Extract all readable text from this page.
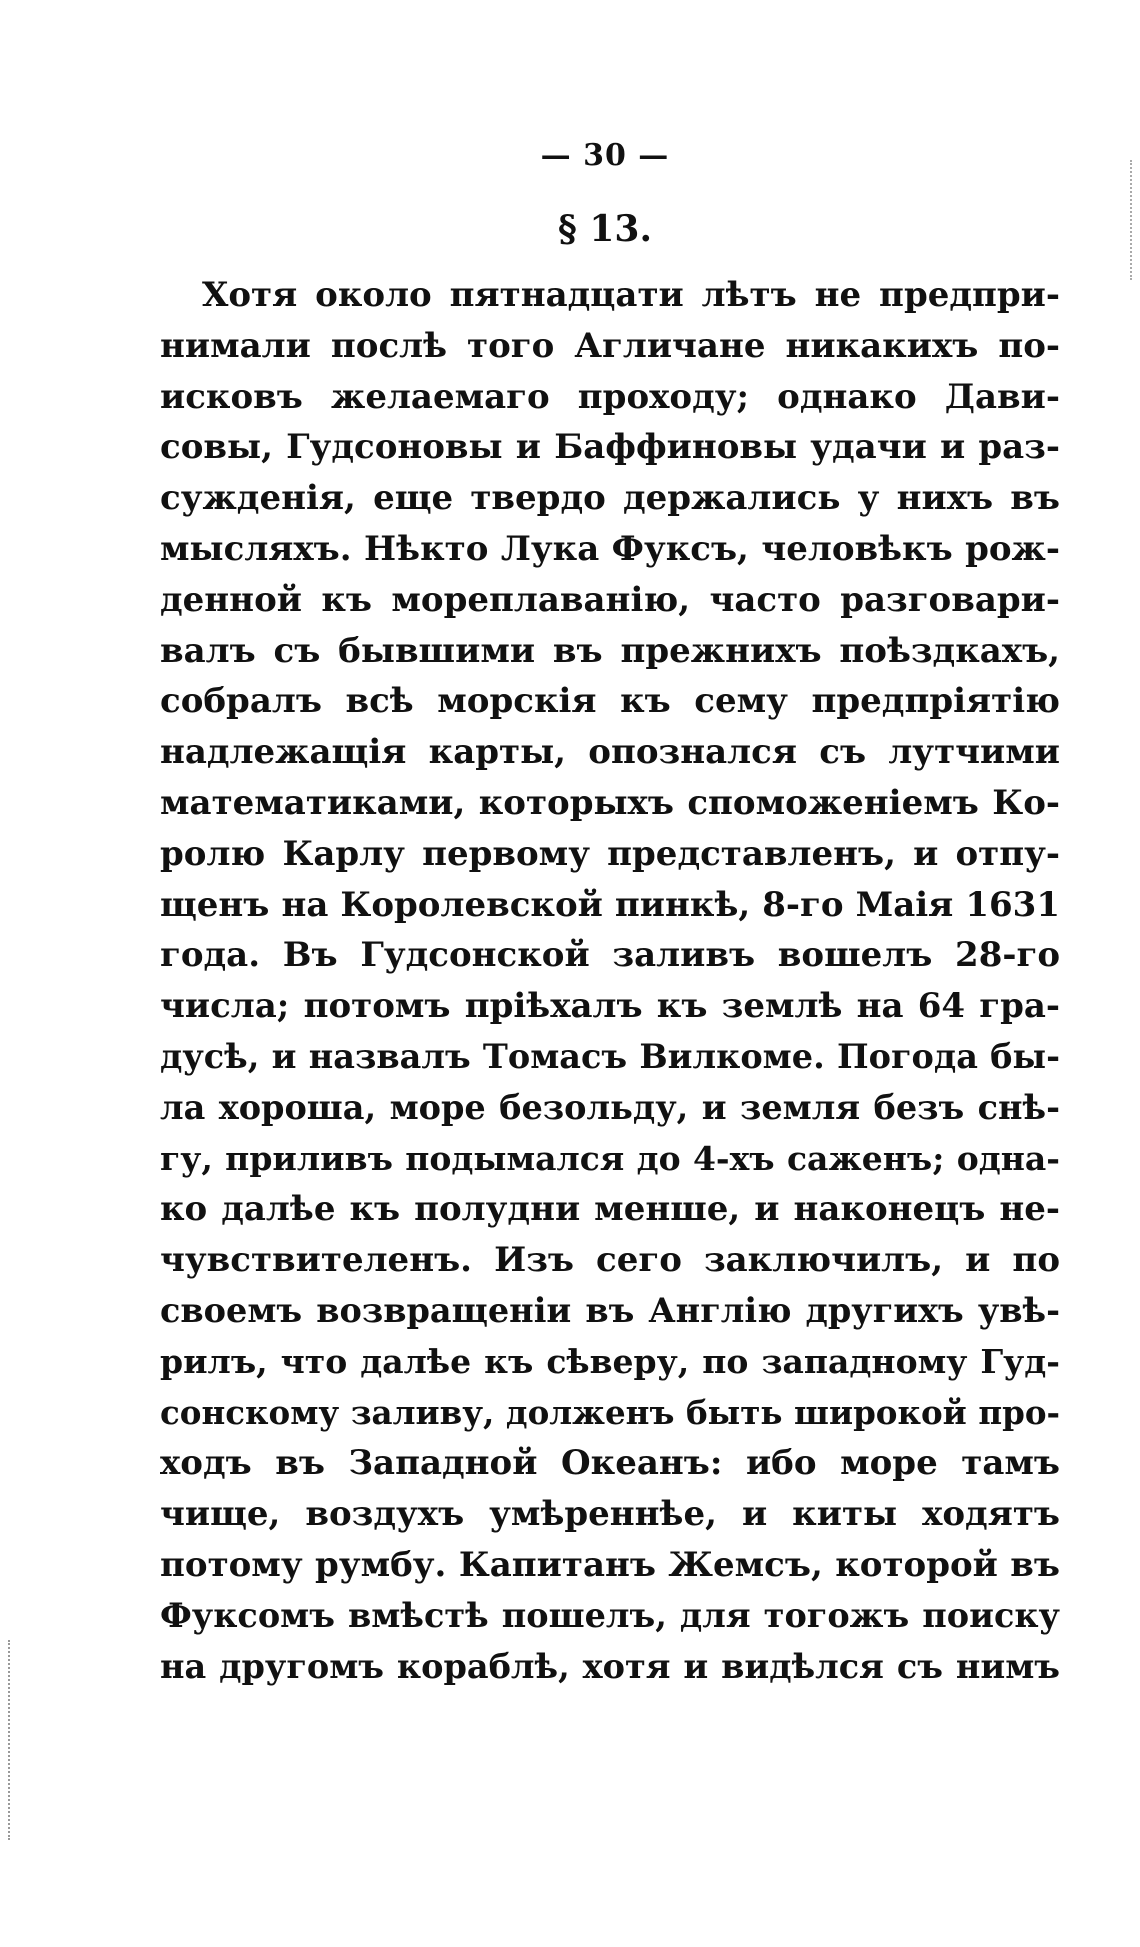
— 30 —
§ 13.
Хотя около пятнадцати лѣтъ не предпри-
нимали послѣ того Агличане никакихъ по-
исковъ желаемаго проходу; однако Дави-
совы, Гудсоновы и Баффиновы удачи и раз-
сужденія, еще твердо держались у нихъ въ
мысляхъ. Нѣкто Лука Фуксъ, человѣкъ рож-
денной къ мореплаванію, часто разговари-
валъ съ бывшими въ прежнихъ поѣздкахъ,
собралъ всѣ морскія къ сему предпріятію
надлежащія карты, опознался съ лутчими
математиками, которыхъ споможеніемъ Ко-
ролю Карлу первому представленъ, и отпу-
щенъ на Королевской пинкѣ, 8-го Маія 1631
года. Въ Гудсонской заливъ вошелъ 28-го
числа; потомъ пріѣхалъ къ землѣ на 64 гра-
дусѣ, и назвалъ Томасъ Вилкоме. Погода бы-
ла хороша, море безольду, и земля безъ снѣ-
гу, приливъ подымался до 4-хъ саженъ; одна-
ко далѣе къ полудни менше, и наконецъ не-
чувствителенъ. Изъ сего заключилъ, и по
своемъ возвращеніи въ Англію другихъ увѣ-
рилъ, что далѣе къ сѣверу, по западному Гуд-
сонскому заливу, долженъ быть широкой про-
ходъ въ Западной Океанъ: ибо море тамъ
чище, воздухъ умѣреннѣе, и киты ходятъ
потому румбу. Капитанъ Жемсъ, которой въ
Фуксомъ вмѣстѣ пошелъ, для тогожъ поиску
на другомъ кораблѣ, хотя и видѣлся съ нимъ
